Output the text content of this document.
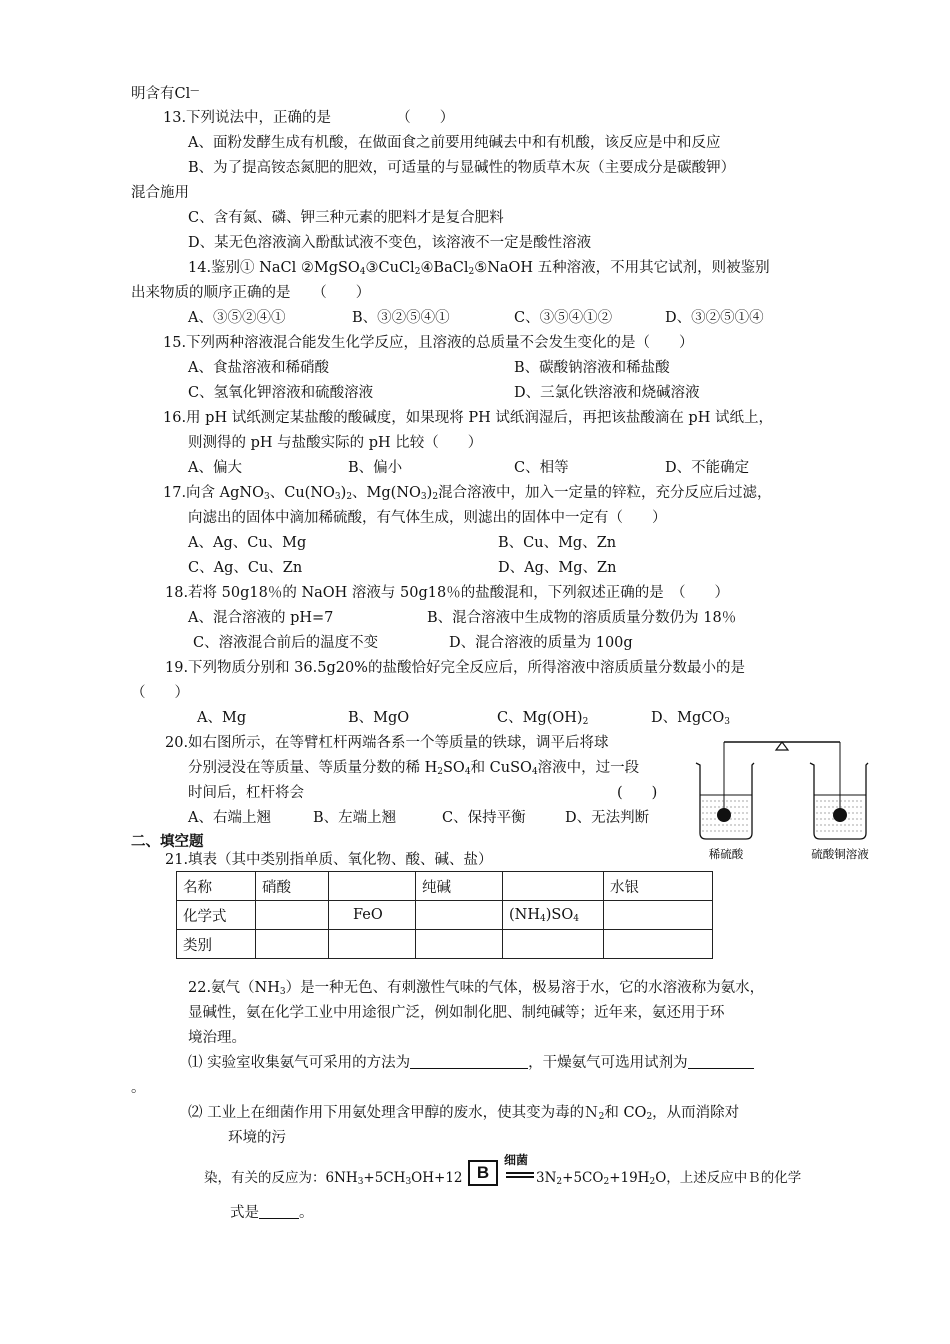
明含有Cl—
13.下列说法中，正确的是　　　　　（　　）
A、面粉发酵生成有机酸，在做面食之前要用纯碱去中和有机酸，该反应是中和反应
B、为了提高铵态氮肥的肥效，可适量的与显碱性的物质草木灰（主要成分是碳酸钾）
混合施用
C、含有氮、磷、钾三种元素的肥料才是复合肥料
D、某无色溶液滴入酚酞试液不变色，该溶液不一定是酸性溶液
14.鉴别① NaCl ②MgSO$_4$③CuCl$_2$④BaCl$_2$⑤NaOH 五种溶液，不用其它试剂，则被鉴别
出来物质的顺序正确的是　　（　　）
A、③⑤②④①	B、③②⑤④①	C、③⑤④①②	D、③②⑤①④
15.下列两种溶液混合能发生化学反应，且溶液的总质量不会发生变化的是（　　）
A、食盐溶液和稀硝酸	B、碳酸钠溶液和稀盐酸
C、氢氧化钾溶液和硫酸溶液	D、三氯化铁溶液和烧碱溶液
16.用 pH 试纸测定某盐酸的酸碱度，如果现将 PH 试纸润湿后，再把该盐酸滴在 pH 试纸上，
则测得的 pH 与盐酸实际的 pH 比较（　　）
A、偏大	B、偏小	C、相等	D、不能确定
17.向含 AgNO$_3$、$Cu(NO_3)_2$、$Mg(NO_3)_2$混合溶液中，加入一定量的锌粒，充分反应后过滤，
向滤出的固体中滴加稀硫酸，有气体生成，则滤出的固体中一定有（　　）
A、Ag、Cu、Mg	B、Cu、Mg、Zn
C、Ag、Cu、Zn	D、Ag、Mg、Zn
18.若将 50g18％的 NaOH 溶液与 50g18％的盐酸混和，下列叙述正确的是　（　　）
A、混合溶液的 pH=7	B、混合溶液中生成物的溶质质量分数仍为 18％
C、溶液混合前后的温度不变	D、混合溶液的质量为 100g
19.下列物质分别和 36.5g20%的盐酸恰好完全反应后，所得溶液中溶质质量分数最小的是
（　　）
A、Mg	B、MgO	C、$Mg(OH)_2$	D、MgCO$_3$
20.如右图所示，在等臂杠杆两端各系一个等质量的铁球，调平后将球
分别浸没在等质量、等质量分数的稀 $H_2SO_4$和 CuSO$_4$溶液中，过一段
时间后，杠杆将会	(　　)
A、右端上翘	B、左端上翘	C、保持平衡	D、无法判断
稀硫酸	硫酸铜溶液
二、填空题
21.填表（其中类别指单质、氧化物、酸、碱、盐）
名称	硝酸		纯碱		水银
化学式		FeO		$(NH_4)SO_4$	
类别					
22.氨气$(NH_3)$是一种无色、有刺激性气味的气体，极易溶于水，它的水溶液称为氨水，
显碱性，氨在化学工业中用途很广泛，例如制化肥、制纯碱等；近年来，氨还用于环
境治理。
⑴ 实验室收集氨气可采用的方法为	，干燥氨气可选用试剂为
。
⑵ 工业上在细菌作用下用氨处理含甲醇的废水，使其变为毒的Ｎ$_2$和 $CO_2$，从而消除对
环境的污
染，有关的反应为：$6NH_3+5CH_3OH+12$ B
细菌
$3N_2+5CO_2+19H_2O$，上述反应中Ｂ的化学
式是	。
